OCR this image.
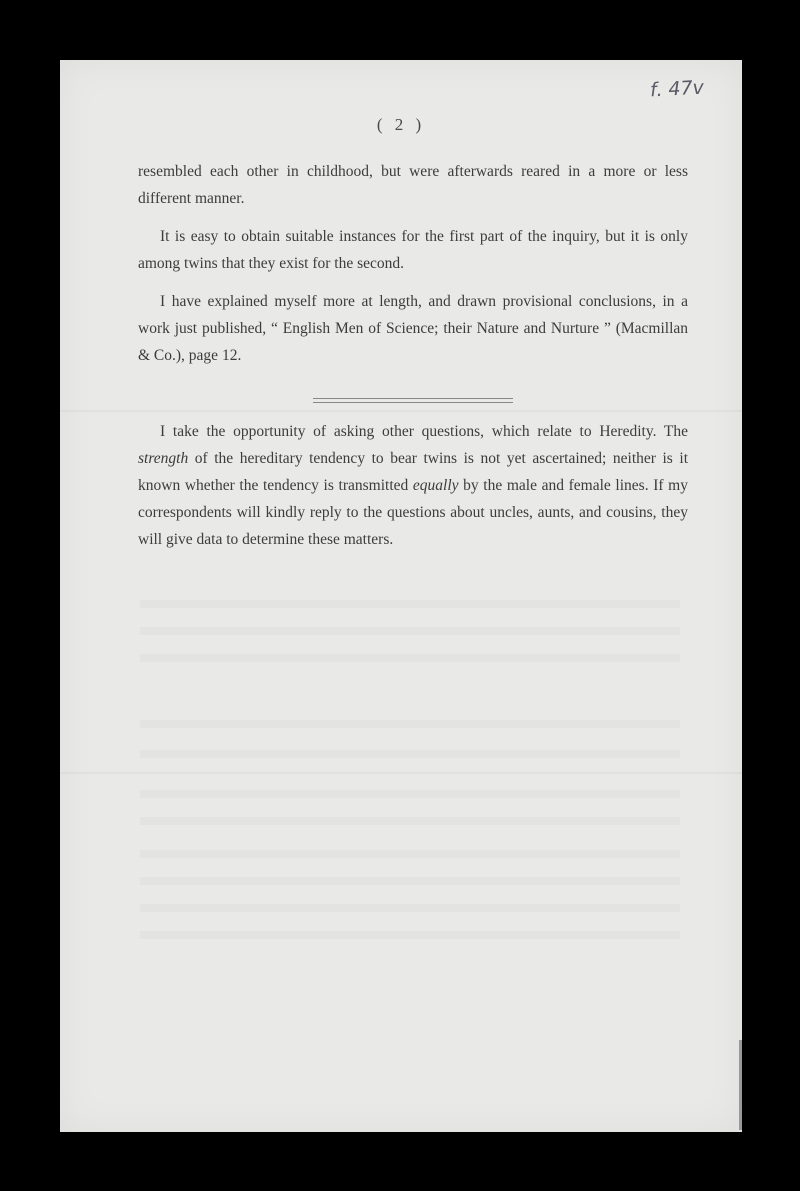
f. 47v
( 2 )

resembled each other in childhood, but were afterwards reared in a more or less different manner.

It is easy to obtain suitable instances for the first part of the inquiry, but it is only among twins that they exist for the second.

I have explained myself more at length, and drawn provisional conclusions, in a work just published, “ English Men of Science; their Nature and Nurture ” (Macmillan & Co.), page 12.

I take the opportunity of asking other questions, which relate to Heredity. The strength of the hereditary tendency to bear twins is not yet ascertained; neither is it known whether the tendency is transmitted equally by the male and female lines. If my correspondents will kindly reply to the questions about uncles, aunts, and cousins, they will give data to determine these matters.
